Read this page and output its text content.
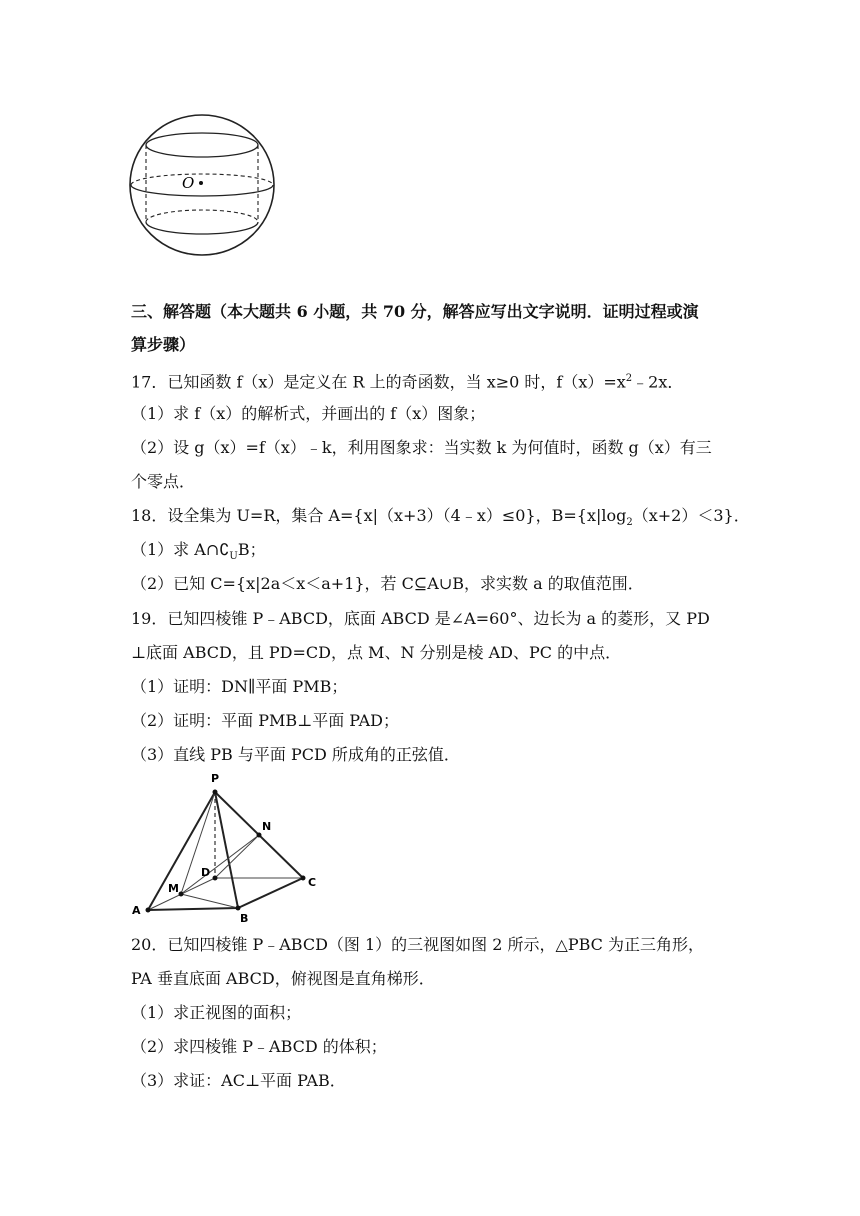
O
三、解答题（本大题共 6 小题，共 70 分，解答应写出文字说明．证明过程或演
算步骤）
17．已知函数 f（x）是定义在 R 上的奇函数，当 x≥0 时，$f(x)=x^2﹣2x$．
（1）求 f（x）的解析式，并画出的 f（x）图象；
（2）设 g（x）=f（x）﹣k，利用图象求：当实数 k 为何值时，函数 g（x）有三
个零点．
18．设全集为 U=R，集合 A={x|（x+3）（4﹣x）≤0}，$B=\{x|\log_2(x+2)<3\}$．
（1）求 $A\cap∁_UB$；
（2）已知 C={x|2a＜x＜a+1}，若 C⊆A∪B，求实数 a 的取值范围．
19．已知四棱锥 P﹣ABCD，底面 ABCD 是∠A=60°、边长为 a 的菱形，又 PD
⊥底面 ABCD，且 PD=CD，点 M、N 分别是棱 AD、PC 的中点．
（1）证明：DN∥平面 PMB；
（2）证明：平面 PMB⊥平面 PAD；
（3）直线 PB 与平面 PCD 所成角的正弦值．
P
N
D
C
M
A
B
20．已知四棱锥 P﹣ABCD（图 1）的三视图如图 2 所示，△PBC 为正三角形，
PA 垂直底面 ABCD，俯视图是直角梯形．
（1）求正视图的面积；
（2）求四棱锥 P﹣ABCD 的体积；
（3）求证：AC⊥平面 PAB．
